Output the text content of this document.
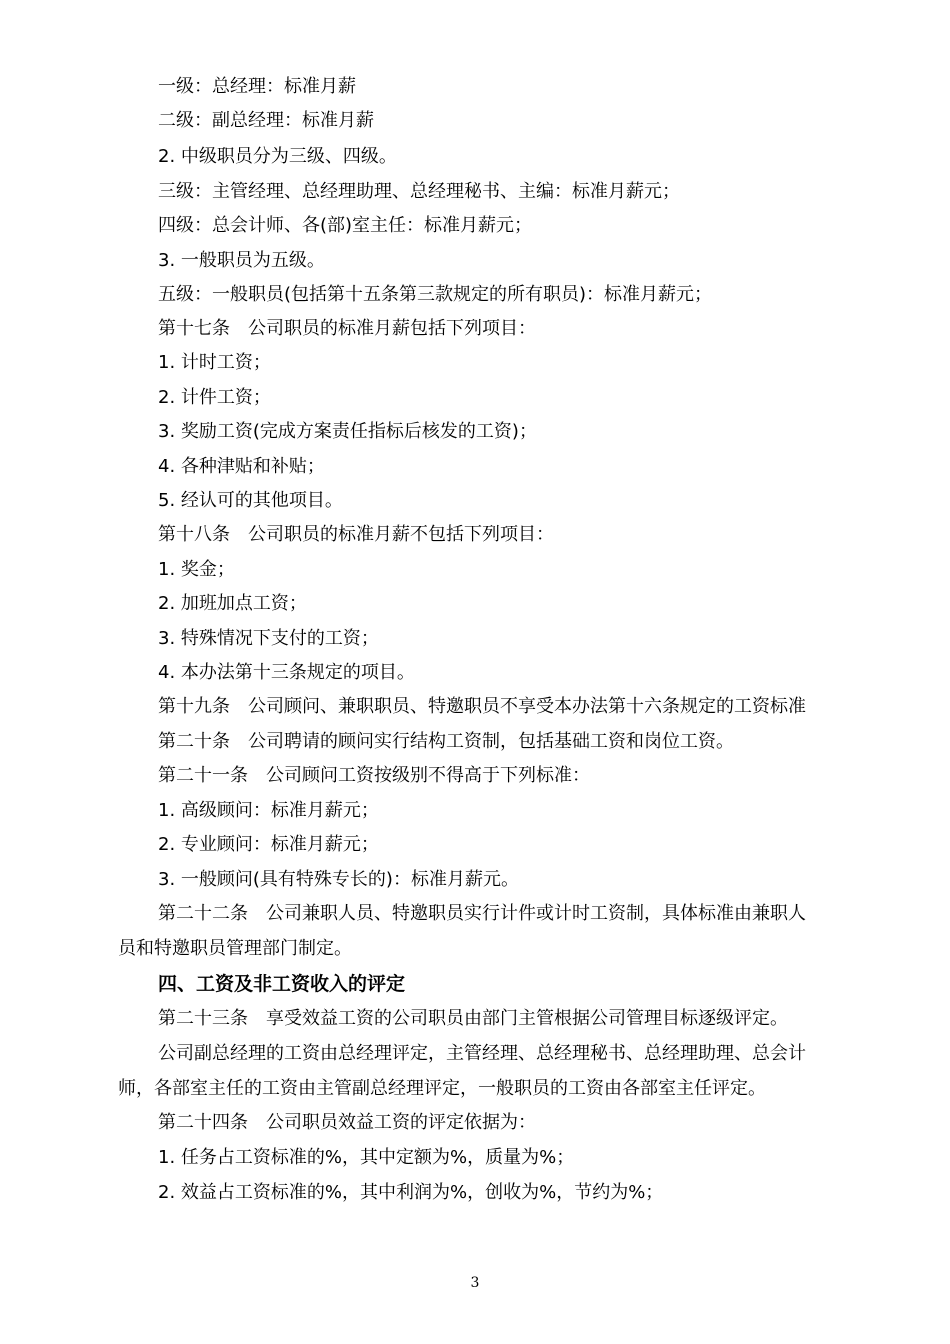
一级：总经理：标准月薪
二级：副总经理：标准月薪
2. 中级职员分为三级、四级。
三级：主管经理、总经理助理、总经理秘书、主编：标准月薪元；
四级：总会计师、各(部)室主任：标准月薪元；
3. 一般职员为五级。
五级：一般职员(包括第十五条第三款规定的所有职员)：标准月薪元；
第十七条　公司职员的标准月薪包括下列项目：
1. 计时工资；
2. 计件工资；
3. 奖励工资(完成方案责任指标后核发的工资)；
4. 各种津贴和补贴；
5. 经认可的其他项目。
第十八条　公司职员的标准月薪不包括下列项目：
1. 奖金；
2. 加班加点工资；
3. 特殊情况下支付的工资；
4. 本办法第十三条规定的项目。
第十九条　公司顾问、兼职职员、特邀职员不享受本办法第十六条规定的工资标准
第二十条　公司聘请的顾问实行结构工资制，包括基础工资和岗位工资。
第二十一条　公司顾问工资按级别不得高于下列标准：
1. 高级顾问：标准月薪元；
2. 专业顾问：标准月薪元；
3. 一般顾问(具有特殊专长的)：标准月薪元。
第二十二条　公司兼职人员、特邀职员实行计件或计时工资制，具体标准由兼职人
员和特邀职员管理部门制定。
四、工资及非工资收入的评定
第二十三条　享受效益工资的公司职员由部门主管根据公司管理目标逐级评定。
公司副总经理的工资由总经理评定，主管经理、总经理秘书、总经理助理、总会计
师，各部室主任的工资由主管副总经理评定，一般职员的工资由各部室主任评定。
第二十四条　公司职员效益工资的评定依据为：
1. 任务占工资标准的%，其中定额为%，质量为%；
2. 效益占工资标准的%，其中利润为%，创收为%，节约为%；
3
